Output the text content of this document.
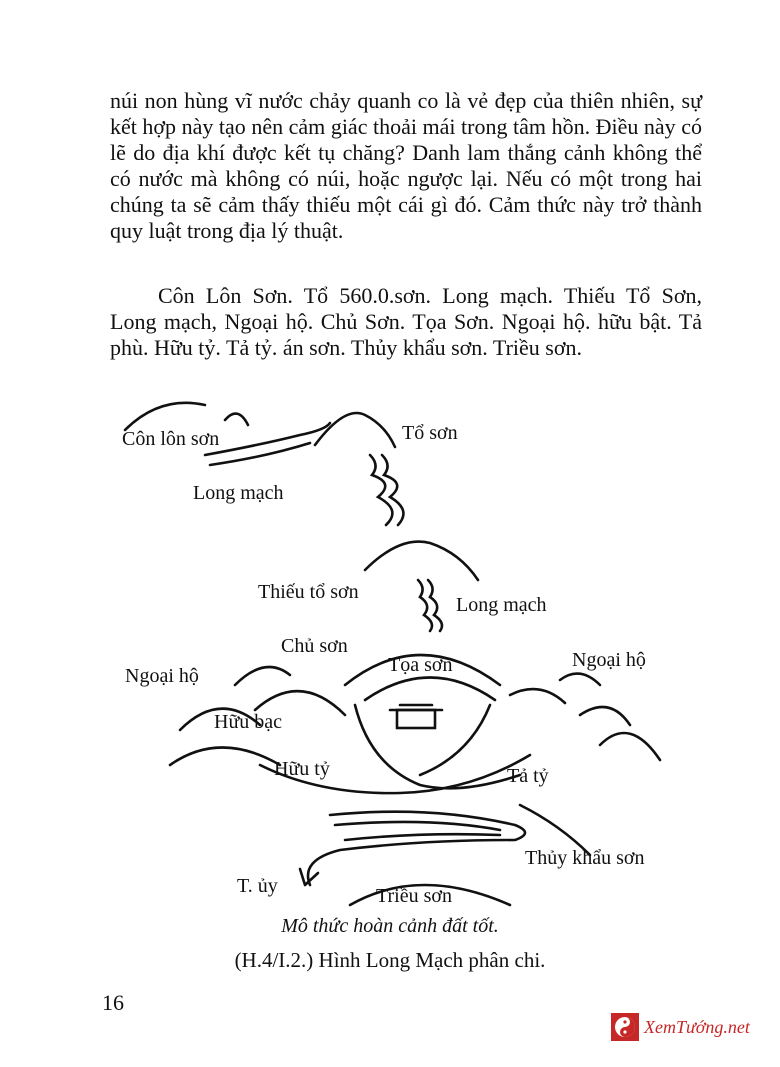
núi non hùng vĩ nước chảy quanh co là vẻ đẹp của thiên nhiên, sự kết hợp này tạo nên cảm giác thoải mái trong tâm hồn. Điều này có lẽ do địa khí được kết tụ chăng? Danh lam thắng cảnh không thể có nước mà không có núi, hoặc ngược lại. Nếu có một trong hai chúng ta sẽ cảm thấy thiếu một cái gì đó. Cảm thức này trở thành quy luật trong địa lý thuật.

Côn Lôn Sơn. Tổ 560.0.sơn. Long mạch. Thiếu Tổ Sơn, Long mạch, Ngoại hộ. Chủ Sơn. Tọa Sơn. Ngoại hộ. hữu bật. Tả phù. Hữu tỷ. Tả tỷ. án sơn. Thủy khẩu sơn. Triều sơn.

Côn lôn sơn	Tổ sơn
Long mạch
Thiếu tổ sơn
Long mạch
Chủ sơn
Ngoại hộ	Tọa sơn	Ngoại hộ
Hữu bạc
Hữu tỷ	Tả tỷ
Thủy khẩu sơn
T. ủy	Triều sơn
Mô thức hoàn cảnh đất tốt.
(H.4/I.2.) Hình Long Mạch phân chi.
16
XemTướng.net
